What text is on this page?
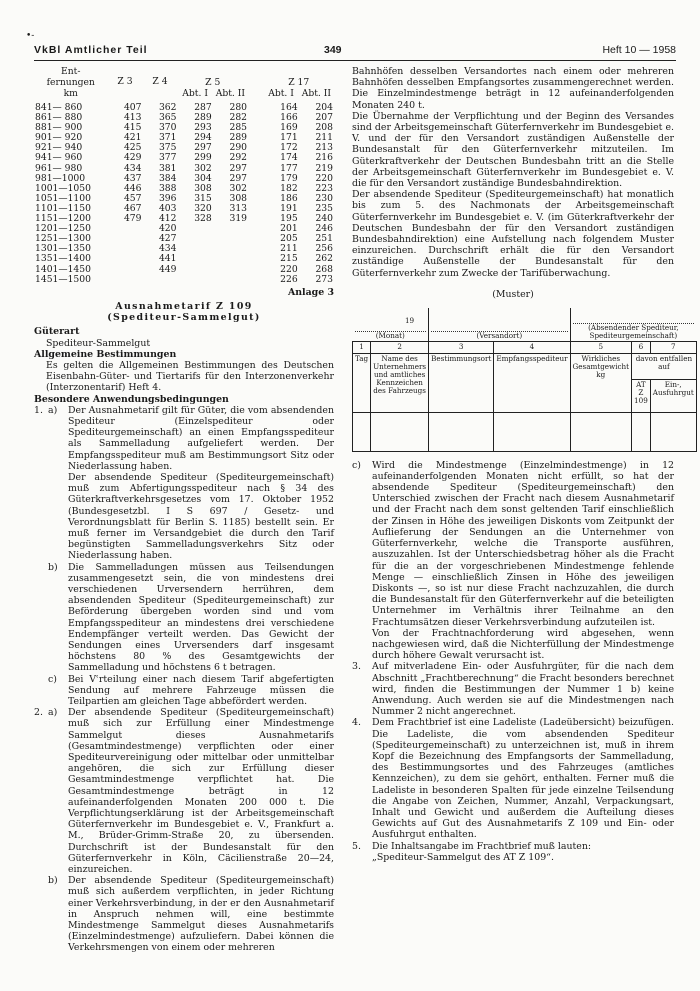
•-
VkBl Amtlicher Teil	349	Heft 10 — 1958
Ent-
fernungen
km	Z 3	Z 4	Z 5			Z 17	
			Abt. I	Abt. II		Abt. I	Abt. II

841— 860	407	362	287	280		164	204
861— 880	413	365	289	282		166	207
881— 900	415	370	293	285		169	208
901— 920	421	371	294	289		171	211
921— 940	425	375	297	290		172	213
941— 960	429	377	299	292		174	216
961— 980	434	381	302	297		177	219
981—1000	437	384	304	297		179	220
1001—1050	446	388	308	302		182	223
1051—1100	457	396	315	308		186	230
1101—1150	467	403	320	313		191	235
1151—1200	479	412	328	319		195	240
1201—1250		420				201	246
1251—1300		427				205	251
1301—1350		434				211	256
1351—1400		441				215	262
1401—1450		449				220	268
1451—1500						226	273
Anlage 3
Ausnahmetarif Z 109
(Spediteur-Sammelgut)
Güterart
Spediteur-Sammelgut
Allgemeine Bestimmungen

Es gelten die Allgemeinen Bestimmungen des Deutschen Eisenbahn-Güter- und Tiertarifs für den Interzonenverkehr (Interzonentarif) Heft 4.

Besondere Anwendungsbedingungen
1. a)	Der Ausnahmetarif gilt für Güter, die vom absendenden Spediteur (Einzelspediteur oder Spediteurgemeinschaft) an einen Empfangsspediteur als Sammelladung aufgeliefert werden. Der Empfangsspediteur muß am Bestimmungsort Sitz oder Niederlassung haben.

Der absendende Spediteur (Spediteurgemeinschaft) muß zum Abfertigungsspediteur nach § 34 des Güterkraftverkehrsgesetzes vom 17. Oktober 1952 (Bundesgesetzbl. I S 697 / Gesetz- und Verordnungsblatt für Berlin S. 1185) bestellt sein. Er muß ferner im Versandgebiet die durch den Tarif begünstigten Sammelladungsverkehrs Sitz oder Niederlassung haben.

b)	Die Sammelladungen müssen aus Teilsendungen zusammengesetzt sein, die von mindestens drei verschiedenen Urversendern herrühren, dem absendenden Spediteur (Spediteurgemeinschaft) zur Beförderung übergeben worden sind und vom Empfangsspediteur an mindestens drei verschiedene Endempfänger verteilt werden. Das Gewicht der Sendungen eines Urversenders darf insgesamt höchstens 80 % des Gesamtgewichts der Sammelladung und höchstens 6 t betragen.

c)	Bei Vʿrteilung einer nach diesem Tarif abgefertigten Sendung auf mehrere Fahrzeuge müssen die Teilpartien am gleichen Tage abbefördert werden.

2. a)	Der absendende Spediteur (Spediteurgemeinschaft) muß sich zur Erfüllung einer Mindestmenge Sammelgut dieses Ausnahmetarifs (Gesamtmindestmenge) verpflichten oder einer Spediteurvereinigung oder mittelbar oder unmittelbar angehören, die sich zur Erfüllung dieser Gesamtmindestmenge verpflichtet hat. Die Gesamtmindestmenge beträgt in 12 aufeinanderfolgenden Monaten 200 000 t. Die Verpflichtungserklärung ist der Arbeitsgemeinschaft Güterfernverkehr im Bundesgebiet e. V., Frankfurt a. M., Brüder-Grimm-Straße 20, zu übersenden. Durchschrift ist der Bundesanstalt für den Güterfernverkehr in Köln, Cäcilienstraße 20—24, einzureichen.

b)	Der absendende Spediteur (Spediteurgemeinschaft) muß sich außerdem verpflichten, in jeder Richtung einer Verkehrsverbindung, in der er den Ausnahmetarif in Anspruch nehmen will, eine bestimmte Mindestmenge Sammelgut dieses Ausnahmetarifs (Einzelmindestmenge) aufzuliefern. Dabei können die Verkehrsmengen von einem oder mehreren

Bahnhöfen desselben Versandortes nach einem oder mehreren Bahnhöfen desselben Empfangsortes zusammengerechnet werden. Die Einzelmindestmenge beträgt in 12 aufeinanderfolgenden Monaten 240 t.

Die Übernahme der Verpflichtung und der Beginn des Versandes sind der Arbeitsgemeinschaft Güterfernverkehr im Bundesgebiet e. V. und der für den Versandort zuständigen Außenstelle der Bundesanstalt für den Güterfernverkehr mitzuteilen. Im Güterkraftverkehr der Deutschen Bundesbahn tritt an die Stelle der Arbeitsgemeinschaft Güterfernverkehr im Bundesgebiet e. V. die für den Versandort zuständige Bundesbahndirektion.

Der absendende Spediteur (Spediteurgemeinschaft) hat monatlich bis zum 5. des Nachmonats der Arbeitsgemeinschaft Güterfernverkehr im Bundesgebiet e. V. (im Güterkraftverkehr der Deutschen Bundesbahn der für den Versandort zuständigen Bundesbahndirektion) eine Aufstellung nach folgendem Muster einzureichen. Durchschrift erhält die für den Versandort zuständige Außenstelle der Bundesanstalt für den Güterfernverkehr zum Zwecke der Tarifüberwachung.

(Muster)
19
(Monat)		(Versandort)		(Absendender Spediteur, Spediteurgemeinschaft)		
1	2	3	4	5	6	7
Tag	Name des Unternehmers und amtliches Kennzeichen des Fahrzeugs	Bestimmungsort	Empfangsspediteur	Wirkliches Gesamtgewicht kg	davon entfallen auf	
					AT Z 109	Ein-, Ausfuhrgut

c)	Wird die Mindestmenge (Einzelmindestmenge) in 12 aufeinanderfolgenden Monaten nicht erfüllt, so hat der absendende Spediteur (Spediteurgemeinschaft) den Unterschied zwischen der Fracht nach diesem Ausnahmetarif und der Fracht nach dem sonst geltenden Tarif einschließlich der Zinsen in Höhe des jeweiligen Diskonts vom Zeitpunkt der Auflieferung der Sendungen an die Unternehmer von Güterfernverkehr, welche die Transporte ausführen, auszuzahlen. Ist der Unterschiedsbetrag höher als die Fracht für die an der vorgeschriebenen Mindestmenge fehlende Menge — einschließlich Zinsen in Höhe des jeweiligen Diskonts —, so ist nur diese Fracht nachzuzahlen, die durch die Bundesanstalt für den Güterfernverkehr auf die beteiligten Unternehmer im Verhältnis ihrer Teilnahme an den Frachtumsätzen dieser Verkehrsverbindung aufzuteilen ist.

Von der Frachtnachforderung wird abgesehen, wenn nachgewiesen wird, daß die Nichterfüllung der Mindestmenge durch höhere Gewalt verursacht ist.

3.	Auf mitverladene Ein- oder Ausfuhrgüter, für die nach dem Abschnitt „Frachtberechnung“ die Fracht besonders berechnet wird, finden die Bestimmungen der Nummer 1 b) keine Anwendung. Auch werden sie auf die Mindestmengen nach Nummer 2 nicht angerechnet.

4.	Dem Frachtbrief ist eine Ladeliste (Ladeübersicht) beizufügen. Die Ladeliste, die vom absendenden Spediteur (Spediteurgemeinschaft) zu unterzeichnen ist, muß in ihrem Kopf die Bezeichnung des Empfangsorts der Sammelladung, des Bestimmungsortes und des Fahrzeuges (amtliches Kennzeichen), zu dem sie gehört, enthalten. Ferner muß die Ladeliste in besonderen Spalten für jede einzelne Teilsendung die Angabe von Zeichen, Nummer, Anzahl, Verpackungsart, Inhalt und Gewicht und außerdem die Aufteilung dieses Gewichts auf Gut des Ausnahmetarifs Z 109 und Ein- oder Ausfuhrgut enthalten.

5.	Die Inhaltsangabe im Frachtbrief muß lauten:
„Spediteur-Sammelgut des AT Z 109“.
